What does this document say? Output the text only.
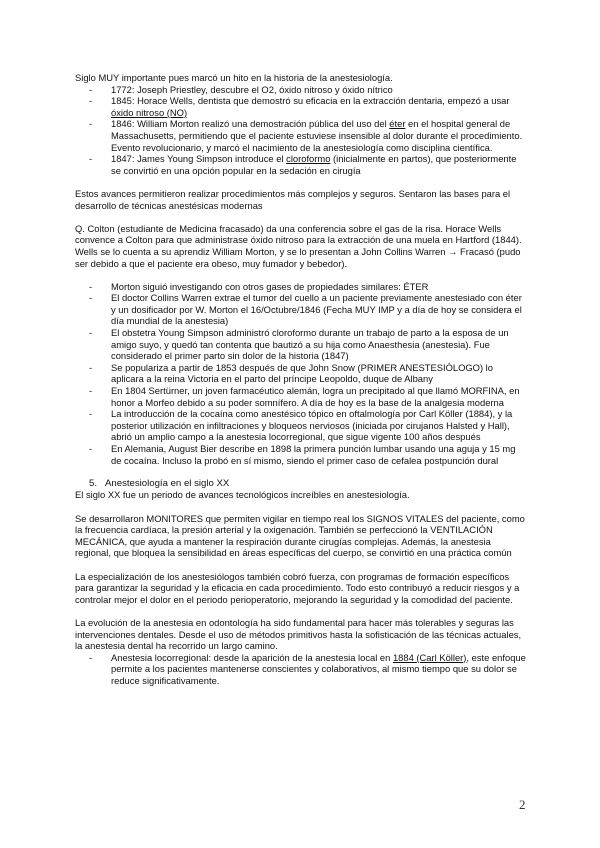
Siglo MUY importante pues marcó un hito en la historia de la anestesiología.

- 1772: Joseph Priestley, descubre el O2, óxido nitroso y óxido nítrico
- 1845: Horace Wells, dentista que demostró su eficacia en la extracción dentaria, empezó a usar óxido nitroso (NO)
- 1846: William Morton realizó una demostración pública del uso del éter en el hospital general de Massachusetts, permitiendo que el paciente estuviese insensible al dolor durante el procedimiento. Evento revolucionario, y marcó el nacimiento de la anestesiología como disciplina científica.
- 1847: James Young Simpson introduce el cloroformo (inicialmente en partos), que posteriormente se convirtió en una opción popular en la sedación en cirugía

Estos avances permitieron realizar procedimientos más complejos y seguros. Sentaron las bases para el desarrollo de técnicas anestésicas modernas

Q. Colton (estudiante de Medicina fracasado) da una conferencia sobre el gas de la risa. Horace Wells convence a Colton para que administrase óxido nitroso para la extracción de una muela en Hartford (1844). Wells se lo cuenta a su aprendiz William Morton, y se lo presentan a John Collins Warren → Fracasó (pudo ser debido a que el paciente era obeso, muy fumador y bebedor).

- Morton siguió investigando con otros gases de propiedades similares: ÉTER
- El doctor Collins Warren extrae el tumor del cuello a un paciente previamente anestesiado con éter y un dosificador por W. Morton el 16/Octubre/1846 (Fecha MUY IMP y a día de hoy se considera el día mundial de la anestesia)
- El obstetra Young Simpson administró cloroformo durante un trabajo de parto a la esposa de un amigo suyo, y quedó tan contenta que bautizó a su hija como Anaesthesia (anestesia). Fue considerado el primer parto sin dolor de la historia (1847)
- Se populariza a partir de 1853 después de que John Snow (PRIMER ANESTESIÓLOGO) lo aplicara a la reina Victoria en el parto del príncipe Leopoldo, duque de Albany
- En 1804 Sertürner, un joven farmacéutico alemán, logra un precipitado al que llamó MORFINA, en honor a Morfeo debido a su poder somnífero. A día de hoy es la base de la analgesia moderna
- La introducción de la cocaína como anestésico tópico en oftalmología por Carl Köller (1884), y la posterior utilización en infiltraciones y bloqueos nerviosos (iniciada por cirujanos Halsted y Hall), abrió un amplio campo a la anestesia locorregional, que sigue vigente 100 años después
- En Alemania, August Bier describe en 1898 la primera punción lumbar usando una aguja y 15 mg de cocaína. Incluso la probó en sí mismo, siendo el primer caso de cefalea postpunción dural

5. Anestesiología en el siglo XX

El siglo XX fue un periodo de avances tecnológicos increíbles en anestesiología.

Se desarrollaron MONITORES que permiten vigilar en tiempo real los SIGNOS VITALES del paciente, como la frecuencia cardíaca, la presión arterial y la oxigenación. También se perfeccionó la VENTILACIÓN MECÁNICA, que ayuda a mantener la respiración durante cirugías complejas. Además, la anestesia regional, que bloquea la sensibilidad en áreas específicas del cuerpo, se convirtió en una práctica común

La especialización de los anestesiólogos también cobró fuerza, con programas de formación específicos para garantizar la seguridad y la eficacia en cada procedimiento. Todo esto contribuyó a reducir riesgos y a controlar mejor el dolor en el periodo perioperatorio, mejorando la seguridad y la comodidad del paciente.

La evolución de la anestesia en odontología ha sido fundamental para hacer más tolerables y seguras las intervenciones dentales. Desde el uso de métodos primitivos hasta la sofisticación de las técnicas actuales, la anestesia dental ha recorrido un largo camino.

- Anestesia locorregional: desde la aparición de la anestesia local en 1884 (Carl Köller), este enfoque permite a los pacientes mantenerse conscientes y colaborativos, al mismo tiempo que su dolor se reduce significativamente.
2
